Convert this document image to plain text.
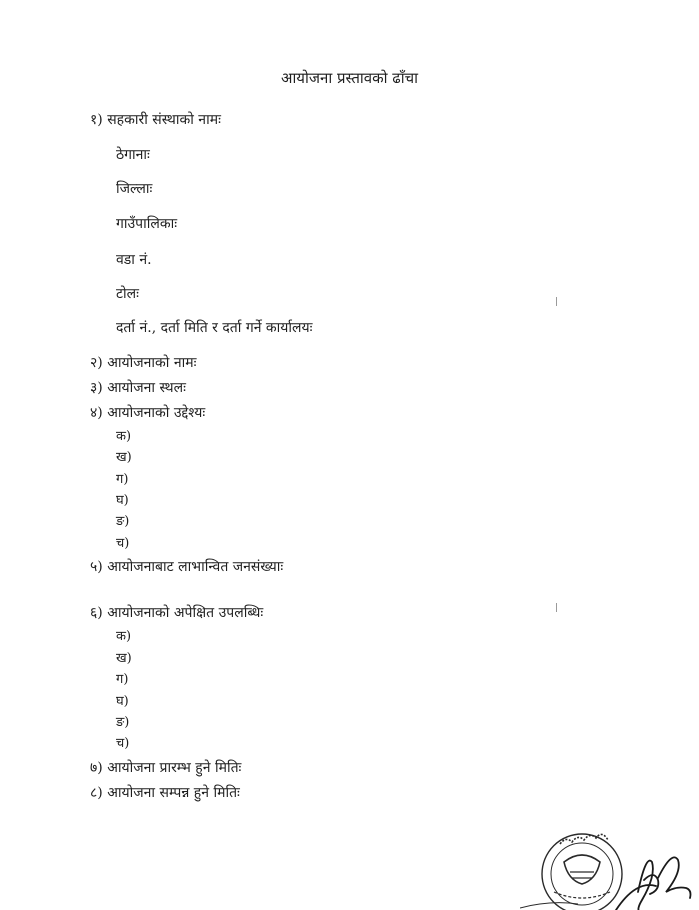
आयोजना प्रस्तावको ढाँचा
१) सहकारी संस्थाको नामः
ठेगानाः
जिल्लाः
गाउँपालिकाः
वडा नं.
टोलः
दर्ता नं., दर्ता मिति र दर्ता गर्ने कार्यालयः
२) आयोजनाको नामः
३) आयोजना स्थलः
४) आयोजनाको उद्देश्यः
क)
ख)
ग)
घ)
ङ)
च)
५) आयोजनाबाट लाभान्वित जनसंख्याः
६) आयोजनाको अपेक्षित उपलब्धिः
क)
ख)
ग)
घ)
ङ)
च)
७) आयोजना प्रारम्भ हुने मितिः
८) आयोजना सम्पन्न हुने मितिः
